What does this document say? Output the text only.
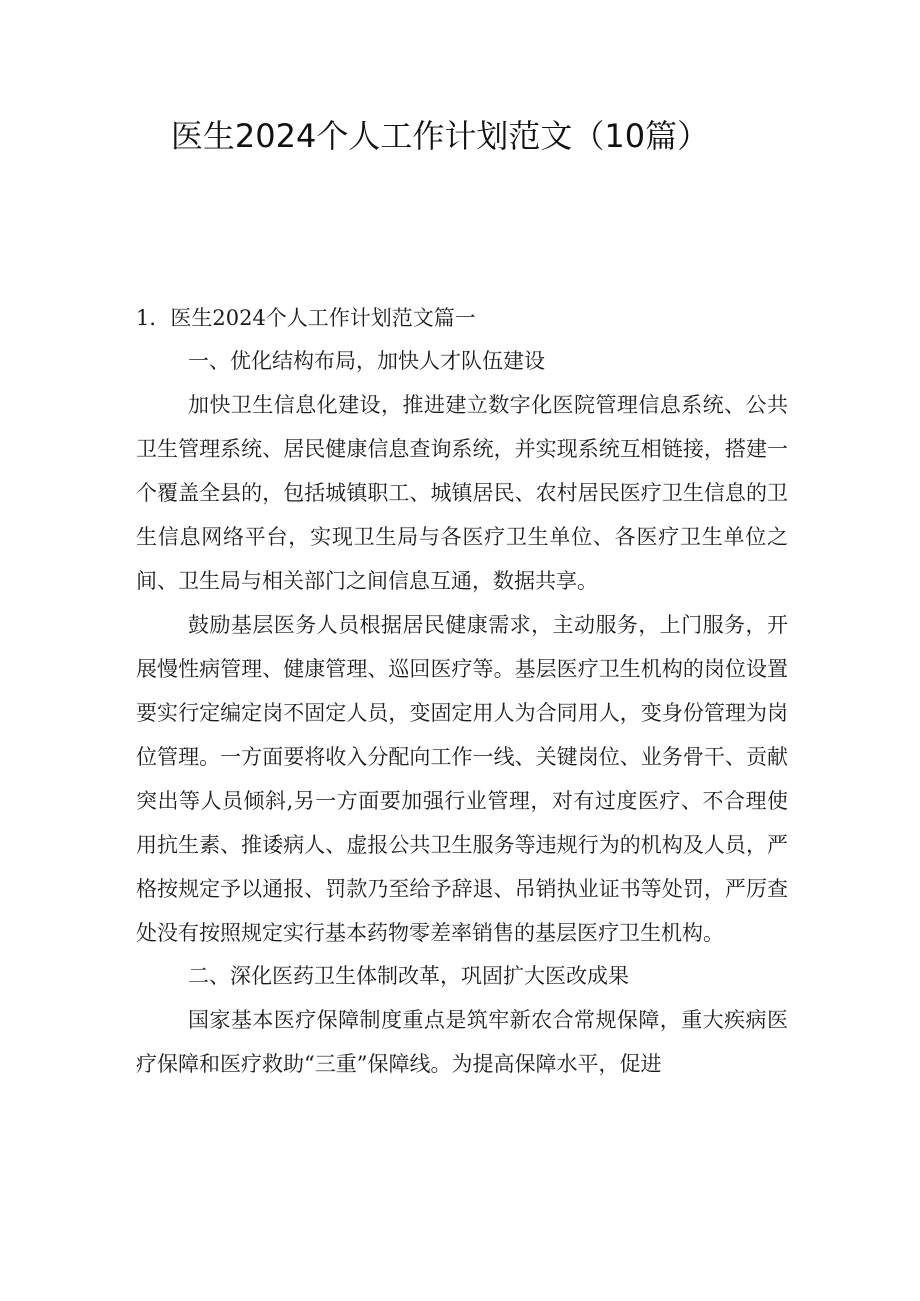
医生2024个人工作计划范文（10篇）
1．医生2024个人工作计划范文篇一
一、优化结构布局，加快人才队伍建设

加快卫生信息化建设，推进建立数字化医院管理信息系统、公共卫生管理系统、居民健康信息查询系统，并实现系统互相链接，搭建一个覆盖全县的，包括城镇职工、城镇居民、农村居民医疗卫生信息的卫生信息网络平台，实现卫生局与各医疗卫生单位、各医疗卫生单位之间、卫生局与相关部门之间信息互通，数据共享。

鼓励基层医务人员根据居民健康需求，主动服务，上门服务，开展慢性病管理、健康管理、巡回医疗等。基层医疗卫生机构的岗位设置要实行定编定岗不固定人员，变固定用人为合同用人，变身份管理为岗位管理。一方面要将收入分配向工作一线、关键岗位、业务骨干、贡献突出等人员倾斜,另一方面要加强行业管理，对有过度医疗、不合理使用抗生素、推诿病人、虚报公共卫生服务等违规行为的机构及人员，严格按规定予以通报、罚款乃至给予辞退、吊销执业证书等处罚，严厉查处没有按照规定实行基本药物零差率销售的基层医疗卫生机构。

二、深化医药卫生体制改革，巩固扩大医改成果

国家基本医疗保障制度重点是筑牢新农合常规保障，重大疾病医疗保障和医疗救助“三重”保障线。为提高保障水平，促进
